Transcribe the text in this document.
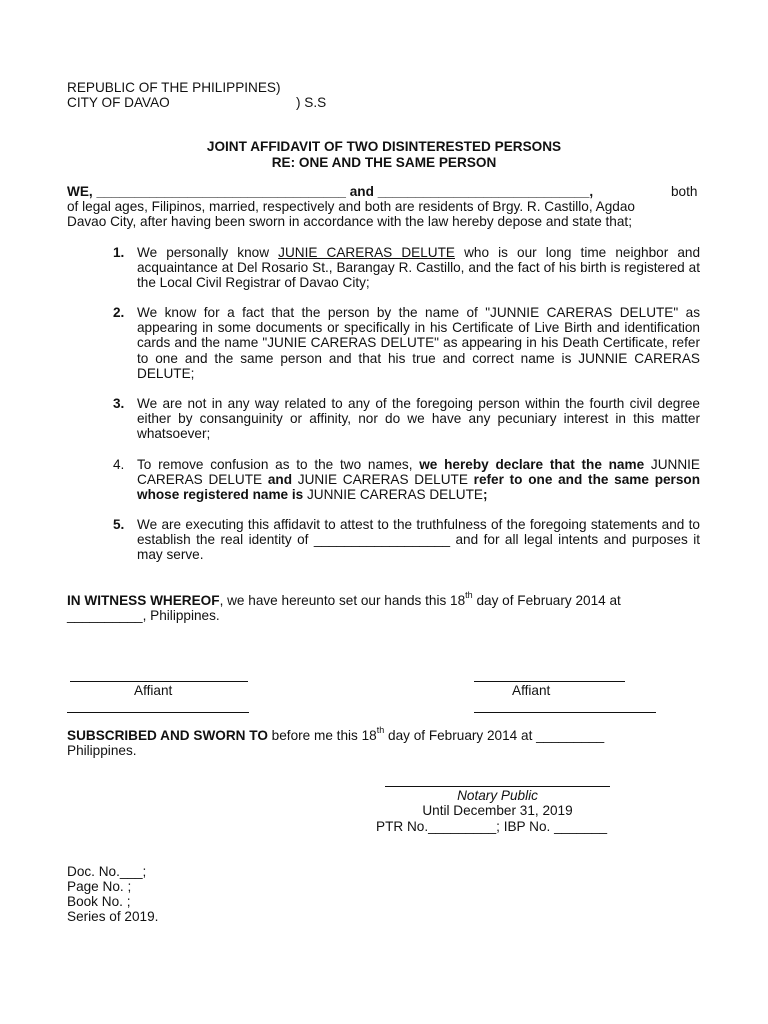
REPUBLIC OF THE PHILIPPINES)
CITY OF DAVAO	) S.S
JOINT AFFIDAVIT OF TWO DISINTERESTED PERSONS
RE: ONE AND THE SAME PERSON
WE, _________________________________ and ____________________________,	both
of legal ages, Filipinos, married, respectively and both are residents of Brgy. R. Castillo, Agdao
Davao City, after having been sworn in accordance with the law hereby depose and state that;
1. We personally know JUNIE CARERAS DELUTE who is our long time neighbor and acquaintance at Del Rosario St., Barangay R. Castillo, and the fact of his birth is registered at the Local Civil Registrar of Davao City;
2. We know for a fact that the person by the name of "JUNNIE CARERAS DELUTE" as appearing in some documents or specifically in his Certificate of Live Birth and identification cards and the name "JUNIE CARERAS DELUTE" as appearing in his Death Certificate, refer to one and the same person and that his true and correct name is JUNNIE CARERAS DELUTE;
3. We are not in any way related to any of the foregoing person within the fourth civil degree either by consanguinity or affinity, nor do we have any pecuniary interest in this matter whatsoever;
4. To remove confusion as to the two names, we hereby declare that the name JUNNIE CARERAS DELUTE and JUNIE CARERAS DELUTE refer to one and the same person whose registered name is JUNNIE CARERAS DELUTE;
5. We are executing this affidavit to attest to the truthfulness of the foregoing statements and to establish the real identity of __________________ and for all legal intents and purposes it may serve.
IN WITNESS WHEREOF, we have hereunto set our hands this 18th day of February 2014 at
__________, Philippines.
Affiant	Affiant
SUBSCRIBED AND SWORN TO before me this 18th day of February 2014 at _________
Philippines.
Notary Public
Until December 31, 2019
PTR No._________; IBP No. _______
Doc. No.___;
Page No. ;
Book No. ;
Series of 2019.
